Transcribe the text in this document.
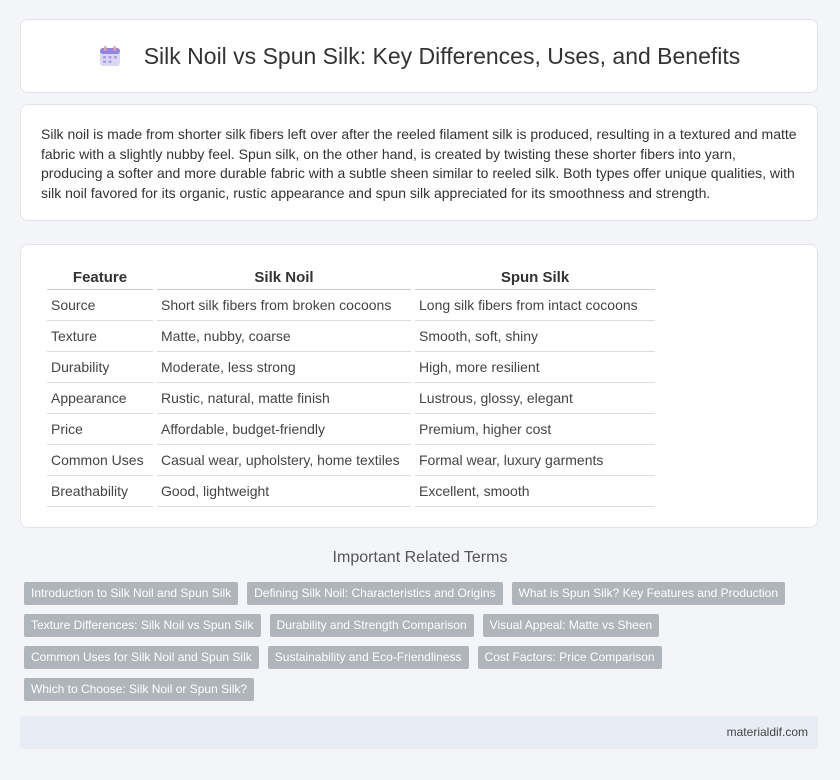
Silk Noil vs Spun Silk: Key Differences, Uses, and Benefits

Silk noil is made from shorter silk fibers left over after the reeled filament silk is produced, resulting in a textured and matte fabric with a slightly nubby feel. Spun silk, on the other hand, is created by twisting these shorter fibers into yarn, producing a softer and more durable fabric with a subtle sheen similar to reeled silk. Both types offer unique qualities, with silk noil favored for its organic, rustic appearance and spun silk appreciated for its smoothness and strength.

Feature	Silk Noil	Spun Silk
Source	Short silk fibers from broken cocoons	Long silk fibers from intact cocoons
Texture	Matte, nubby, coarse	Smooth, soft, shiny
Durability	Moderate, less strong	High, more resilient
Appearance	Rustic, natural, matte finish	Lustrous, glossy, elegant
Price	Affordable, budget-friendly	Premium, higher cost
Common Uses	Casual wear, upholstery, home textiles	Formal wear, luxury garments
Breathability	Good, lightweight	Excellent, smooth
Important Related Terms
Introduction to Silk Noil and Spun Silk	Defining Silk Noil: Characteristics and Origins	What is Spun Silk? Key Features and Production
Texture Differences: Silk Noil vs Spun Silk	Durability and Strength Comparison	Visual Appeal: Matte vs Sheen
Common Uses for Silk Noil and Spun Silk	Sustainability and Eco-Friendliness	Cost Factors: Price Comparison
Which to Choose: Silk Noil or Spun Silk?
materialdif.com
